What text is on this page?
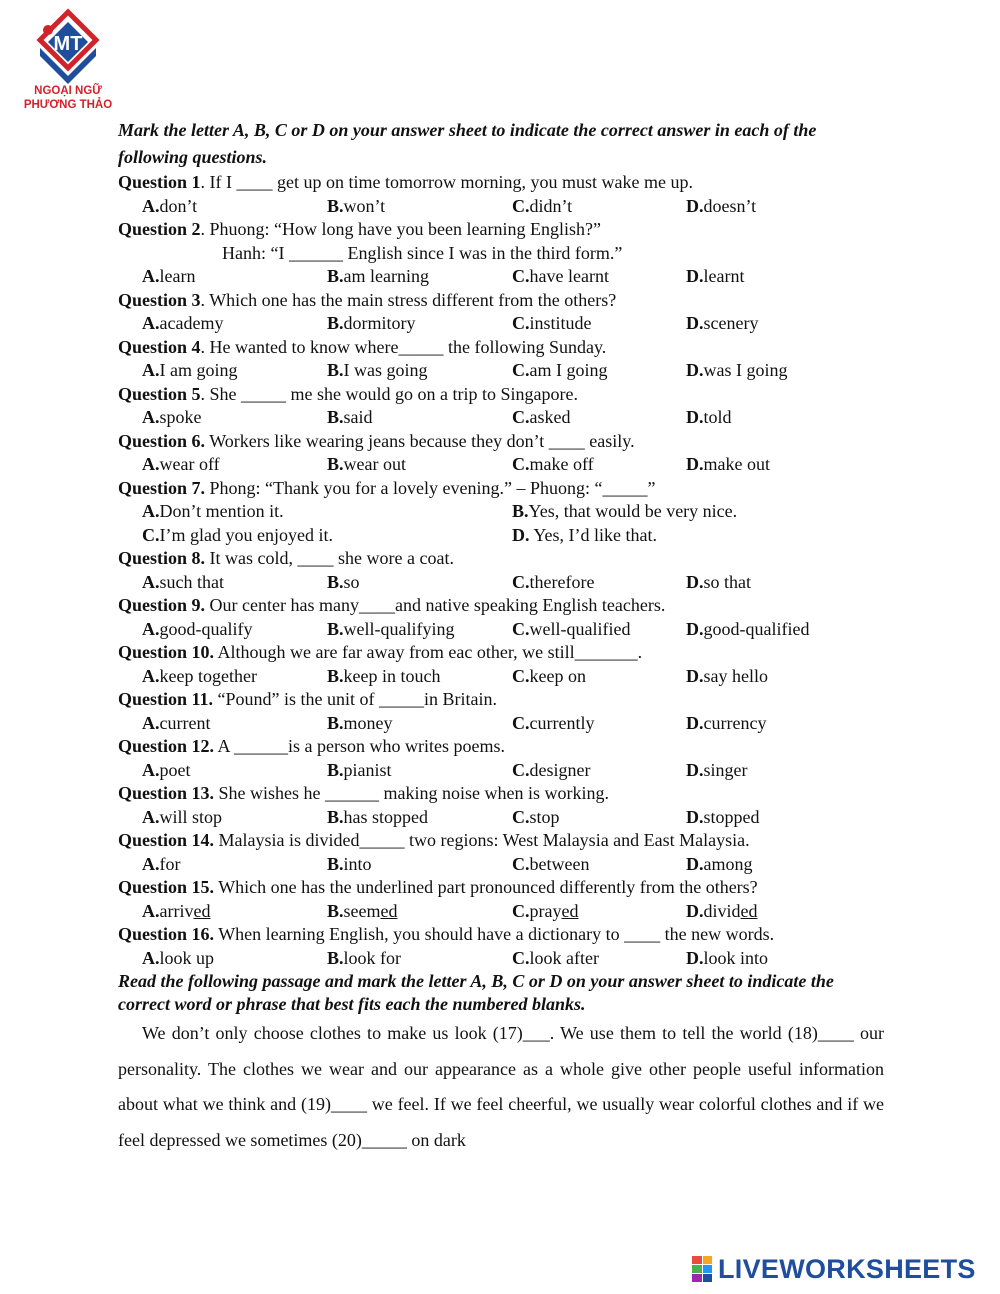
MT
NGOẠI NGỮ
PHƯƠNG THẢO

Mark the letter A, B, C or D on your answer sheet to indicate the correct answer in each of the following questions.

Question 1. If I ____ get up on time tomorrow morning, you must wake me up.
A.don’t	B.won’t	C.didn’t	D.doesn’t
Question 2. Phuong: “How long have you been learning English?”
Hanh: “I ______ English since I was in the third form.”
A.learn	B.am learning	C.have learnt	D.learnt
Question 3. Which one has the main stress different from the others?
A.academy	B.dormitory	C.institude	D.scenery
Question 4. He wanted to know where_____ the following Sunday.
A.I am going	B.I was going	C.am I going	D.was I going
Question 5. She _____ me she would go on a trip to Singapore.
A.spoke	B.said	C.asked	D.told
Question 6. Workers like wearing jeans because they don’t ____ easily.
A.wear off	B.wear out	C.make off	D.make out
Question 7. Phong: “Thank you for a lovely evening.” – Phuong: “_____”
A.Don’t mention it.	B.Yes, that would be very nice.
C.I’m glad you enjoyed it.	D. Yes, I’d like that.
Question 8. It was cold, ____ she wore a coat.
A.such that	B.so	C.therefore	D.so that
Question 9. Our center has many____and native speaking English teachers.
A.good-qualify	B.well-qualifying	C.well-qualified	D.good-qualified
Question 10. Although we are far away from eac other, we still_______.
A.keep together	B.keep in touch	C.keep on	D.say hello
Question 11. “Pound” is the unit of _____in Britain.
A.current	B.money	C.currently	D.currency
Question 12. A ______is a person who writes poems.
A.poet	B.pianist	C.designer	D.singer
Question 13. She wishes he ______ making noise when is working.
A.will stop	B.has stopped	C.stop	D.stopped
Question 14. Malaysia is divided_____ two regions: West Malaysia and East Malaysia.
A.for	B.into	C.between	D.among
Question 15. Which one has the underlined part pronounced differently from the others?
A.arrived	B.seemed	C.prayed	D.divided
Question 16. When learning English, you should have a dictionary to ____ the new words.
A.look up	B.look for	C.look after	D.look into

Read the following passage and mark the letter A, B, C or D on your answer sheet to indicate the correct word or phrase that best fits each the numbered blanks.

We don’t only choose clothes to make us look (17)___. We use them to tell the world (18)____ our personality. The clothes we wear and our appearance as a whole give other people useful information about what we think and (19)____ we feel. If we feel cheerful, we usually wear colorful clothes and if we feel depressed we sometimes (20)_____ on dark

LIVEWORKSHEETS
